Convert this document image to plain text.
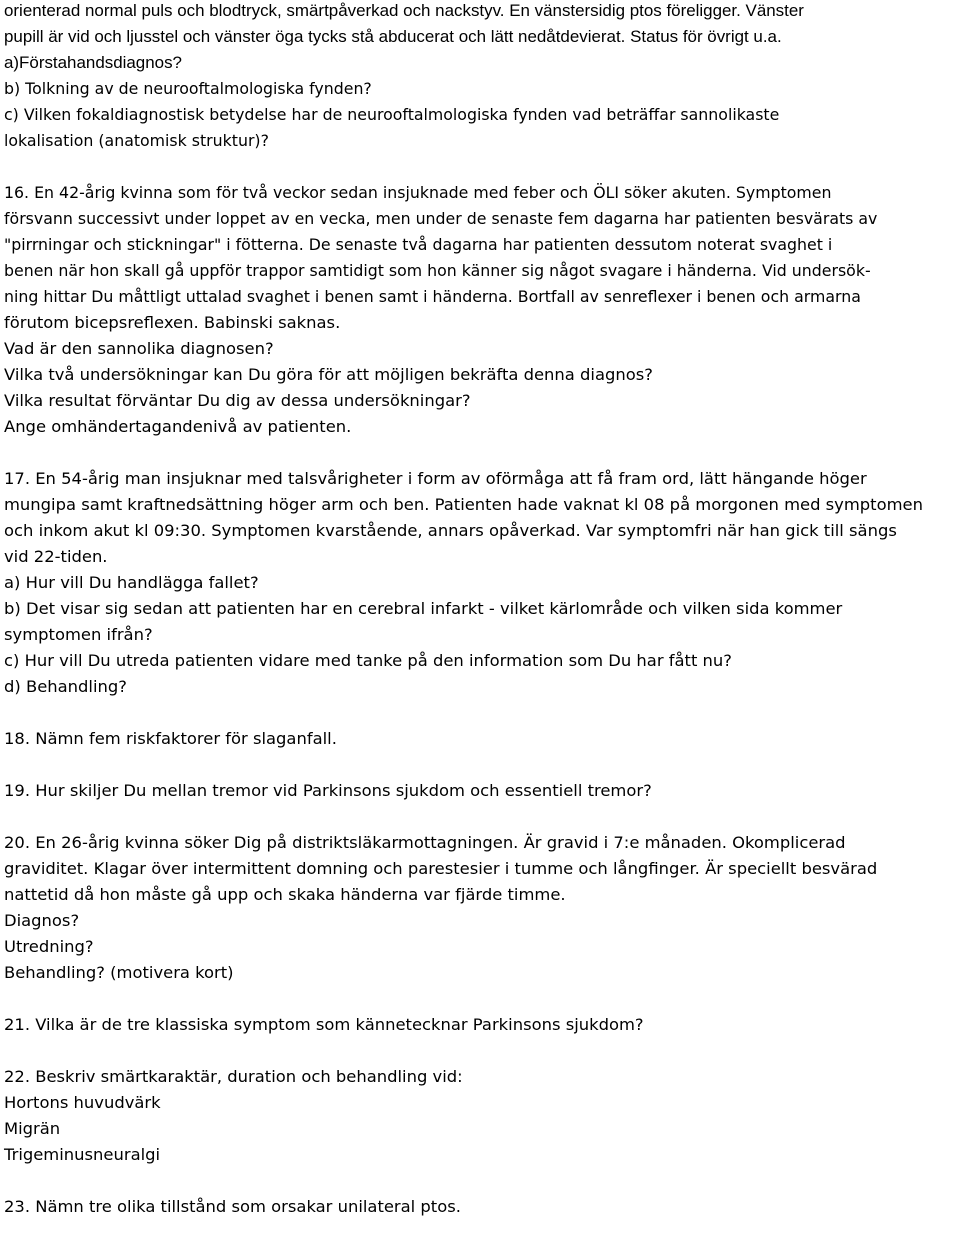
orienterad normal puls och blodtryck, smärtpåverkad och nackstyv. En vänstersidig ptos föreligger. Vänster
pupill är vid och ljusstel och vänster öga tycks stå abducerat och lätt nedåtdevierat. Status för övrigt u.a.
a)Förstahandsdiagnos?
b) Tolkning av de neurooftalmologiska fynden?
c) Vilken fokaldiagnostisk betydelse har de neurooftalmologiska fynden vad beträffar sannolikaste
lokalisation (anatomisk struktur)?
16. En 42-årig kvinna som för två veckor sedan insjuknade med feber och ÖLI söker akuten. Symptomen
försvann successivt under loppet av en vecka, men under de senaste fem dagarna har patienten besvärats av
"pirrningar och stickningar" i fötterna. De senaste två dagarna har patienten dessutom noterat svaghet i
benen när hon skall gå uppför trappor samtidigt som hon känner sig något svagare i händerna. Vid undersök-
ning hittar Du måttligt uttalad svaghet i benen samt i händerna. Bortfall av senreflexer i benen och armarna
förutom bicepsreflexen. Babinski saknas.
Vad är den sannolika diagnosen?
Vilka två undersökningar kan Du göra för att möjligen bekräfta denna diagnos?
Vilka resultat förväntar Du dig av dessa undersökningar?
Ange omhändertagandenivå av patienten.
17. En 54-årig man insjuknar med talsvårigheter i form av oförmåga att få fram ord, lätt hängande höger
mungipa samt kraftnedsättning höger arm och ben. Patienten hade vaknat kl 08 på morgonen med symptomen
och inkom akut kl 09:30. Symptomen kvarstående, annars opåverkad. Var symptomfri när han gick till sängs
vid 22-tiden.
a) Hur vill Du handlägga fallet?
b) Det visar sig sedan att patienten har en cerebral infarkt - vilket kärlområde och vilken sida kommer
symptomen ifrån?
c) Hur vill Du utreda patienten vidare med tanke på den information som Du har fått nu?
d) Behandling?
18. Nämn fem riskfaktorer för slaganfall.
19. Hur skiljer Du mellan tremor vid Parkinsons sjukdom och essentiell tremor?
20. En 26-årig kvinna söker Dig på distriktsläkarmottagningen. Är gravid i 7:e månaden. Okomplicerad
graviditet. Klagar över intermittent domning och parestesier i tumme och långfinger. Är speciellt besvärad
nattetid då hon måste gå upp och skaka händerna var fjärde timme.
Diagnos?
Utredning?
Behandling? (motivera kort)
21. Vilka är de tre klassiska symptom som kännetecknar Parkinsons sjukdom?
22. Beskriv smärtkaraktär, duration och behandling vid:
Hortons huvudvärk
Migrän
Trigeminusneuralgi
23. Nämn tre olika tillstånd som orsakar unilateral ptos.
